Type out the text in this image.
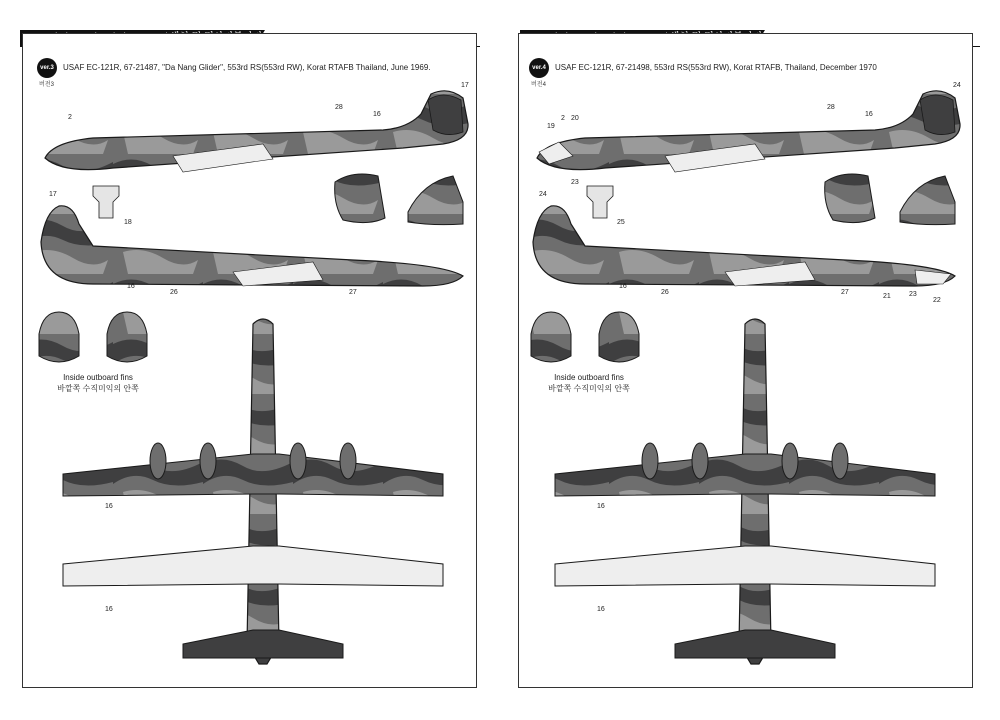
ver.3
버전3
USAF EC-121R, 67-21487, "Da Nang Glider", 553rd RS(553rd RW), Korat RTAFB Thailand, June 1969.
2
28
16
17
18
17
16
26	27
16
16
Inside outboard fins
바깥쪽 수직미익의 안쪽
ver.4
버전4
USAF EC-121R, 67-21498, 553rd RS(553rd RW), Korat RTAFB, Thailand, December 1970
19
2 20
23
28
16
24
25
24
16
26	27
21	23
22
16
16
Inside outboard fins
바깥쪽 수직미익의 안쪽
